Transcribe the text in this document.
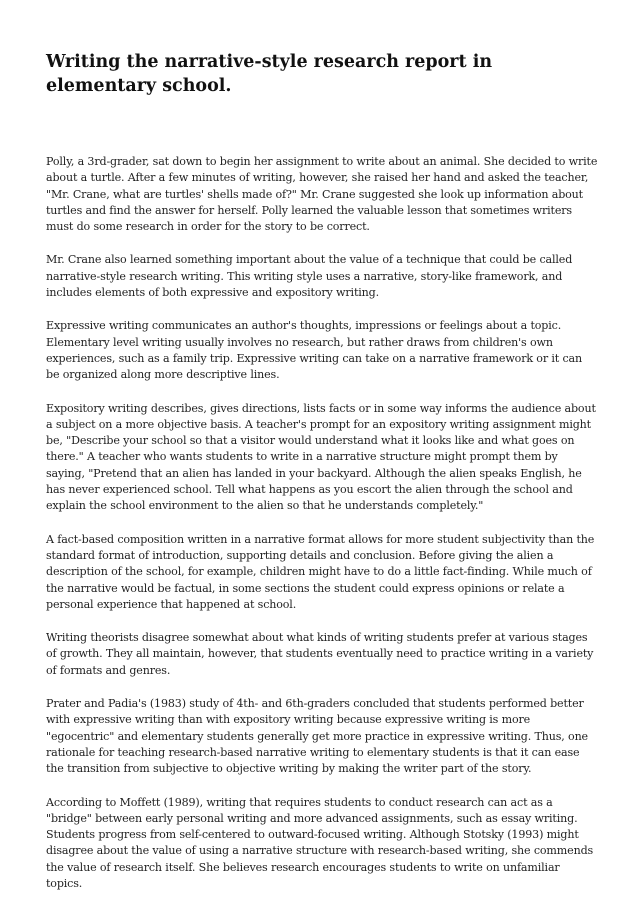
Writing the narrative-style research report in elementary school.

Polly, a 3rd-grader, sat down to begin her assignment to write about an animal. She decided to write about a turtle. After a few minutes of writing, however, she raised her hand and asked the teacher, "Mr. Crane, what are turtles' shells made of?" Mr. Crane suggested she look up information about turtles and find the answer for herself. Polly learned the valuable lesson that sometimes writers must do some research in order for the story to be correct.

Mr. Crane also learned something important about the value of a technique that could be called narrative-style research writing. This writing style uses a narrative, story-like framework, and includes elements of both expressive and expository writing.

Expressive writing communicates an author's thoughts, impressions or feelings about a topic. Elementary level writing usually involves no research, but rather draws from children's own experiences, such as a family trip. Expressive writing can take on a narrative framework or it can be organized along more descriptive lines.

Expository writing describes, gives directions, lists facts or in some way informs the audience about a subject on a more objective basis. A teacher's prompt for an expository writing assignment might be, "Describe your school so that a visitor would understand what it looks like and what goes on there." A teacher who wants students to write in a narrative structure might prompt them by saying, "Pretend that an alien has landed in your backyard. Although the alien speaks English, he has never experienced school. Tell what happens as you escort the alien through the school and explain the school environment to the alien so that he understands completely."

A fact-based composition written in a narrative format allows for more student subjectivity than the standard format of introduction, supporting details and conclusion. Before giving the alien a description of the school, for example, children might have to do a little fact-finding. While much of the narrative would be factual, in some sections the student could express opinions or relate a personal experience that happened at school.

Writing theorists disagree somewhat about what kinds of writing students prefer at various stages of growth. They all maintain, however, that students eventually need to practice writing in a variety of formats and genres.

Prater and Padia's (1983) study of 4th- and 6th-graders concluded that students performed better with expressive writing than with expository writing because expressive writing is more "egocentric" and elementary students generally get more practice in expressive writing. Thus, one rationale for teaching research-based narrative writing to elementary students is that it can ease the transition from subjective to objective writing by making the writer part of the story.

According to Moffett (1989), writing that requires students to conduct research can act as a "bridge" between early personal writing and more advanced assignments, such as essay writing. Students progress from self-centered to outward-focused writing. Although Stotsky (1993) might disagree about the value of using a narrative structure with research-based writing, she commends the value of research itself. She believes research encourages students to write on unfamiliar topics.
